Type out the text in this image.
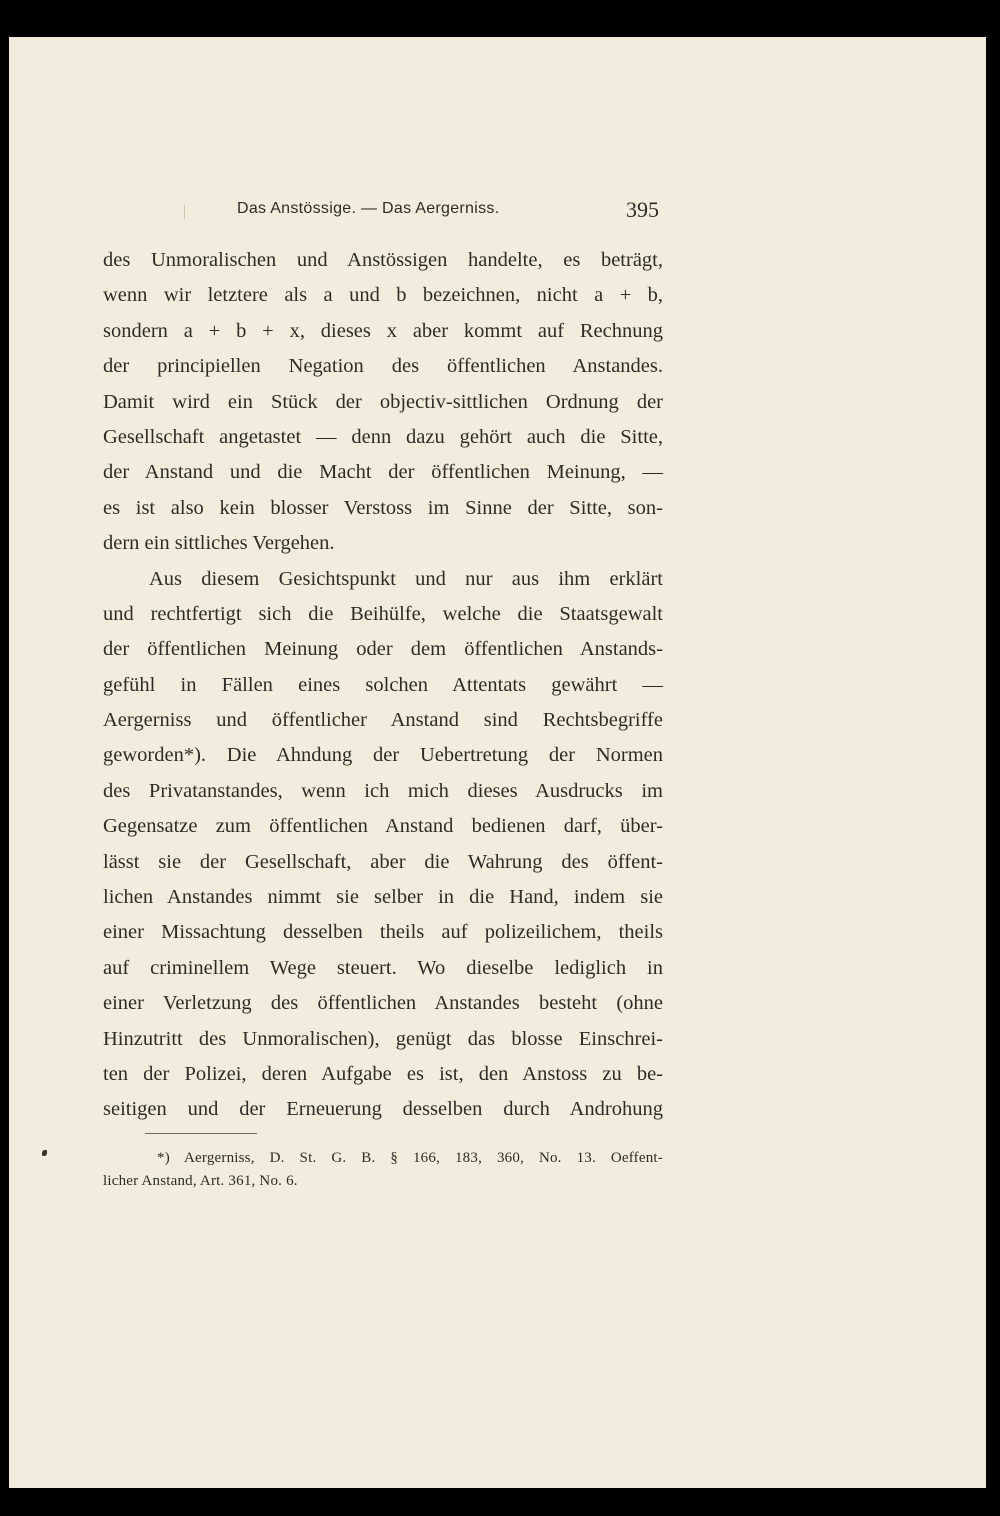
Das Anstössige. — Das Aergerniss.	395
des Unmoralischen und Anstössigen handelte, es beträgt,
wenn wir letztere als a und b bezeichnen, nicht a + b,
sondern a + b + x, dieses x aber kommt auf Rechnung
der principiellen Negation des öffentlichen Anstandes.
Damit wird ein Stück der objectiv-sittlichen Ordnung der
Gesellschaft angetastet — denn dazu gehört auch die Sitte,
der Anstand und die Macht der öffentlichen Meinung, —
es ist also kein blosser Verstoss im Sinne der Sitte, son-
dern ein sittliches Vergehen.
Aus diesem Gesichtspunkt und nur aus ihm erklärt
und rechtfertigt sich die Beihülfe, welche die Staatsgewalt
der öffentlichen Meinung oder dem öffentlichen Anstands-
gefühl in Fällen eines solchen Attentats gewährt —
Aergerniss und öffentlicher Anstand sind Rechtsbegriffe
geworden*). Die Ahndung der Uebertretung der Normen
des Privatanstandes, wenn ich mich dieses Ausdrucks im
Gegensatze zum öffentlichen Anstand bedienen darf, über-
lässt sie der Gesellschaft, aber die Wahrung des öffent-
lichen Anstandes nimmt sie selber in die Hand, indem sie
einer Missachtung desselben theils auf polizeilichem, theils
auf criminellem Wege steuert. Wo dieselbe lediglich in
einer Verletzung des öffentlichen Anstandes besteht (ohne
Hinzutritt des Unmoralischen), genügt das blosse Einschrei-
ten der Polizei, deren Aufgabe es ist, den Anstoss zu be-
seitigen und der Erneuerung desselben durch Androhung
*) Aergerniss, D. St. G. B. § 166, 183, 360, No. 13. Oeffent-
licher Anstand, Art. 361, No. 6.
